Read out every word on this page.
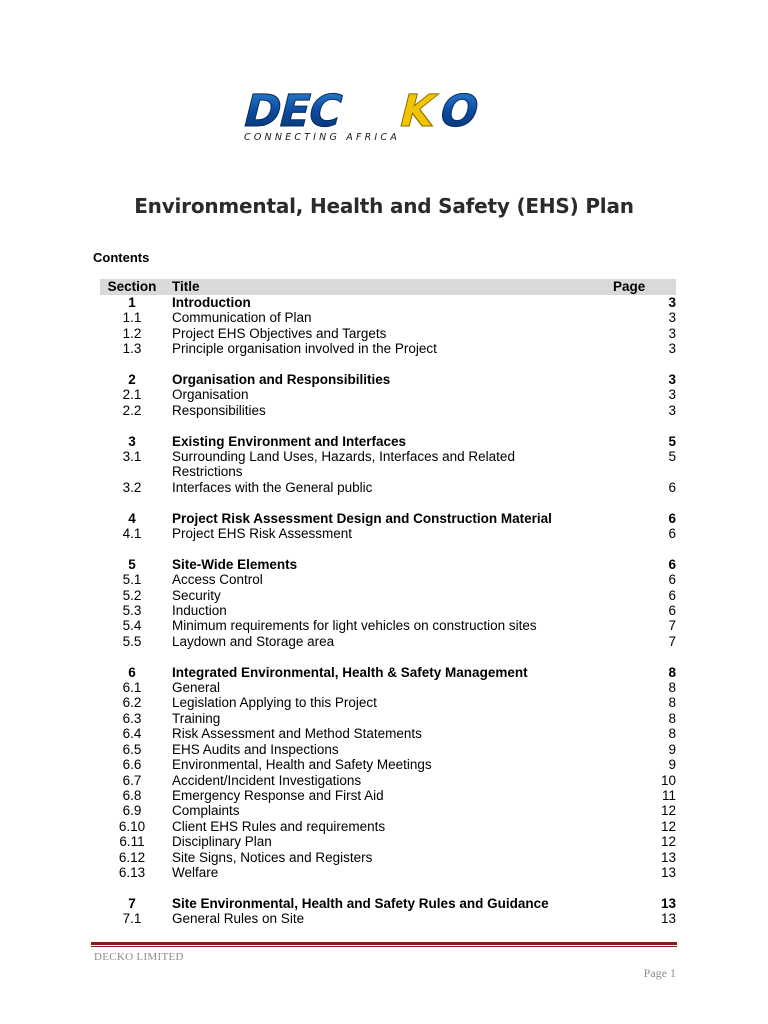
DEC K
O
CONNECTING AFRICA
Environmental, Health and Safety (EHS) Plan
Contents
Section	Title	Page
1	Introduction	3
1.1	Communication of Plan	3
1.2	Project EHS Objectives and Targets	3
1.3	Principle organisation involved in the Project	3
2	Organisation and Responsibilities	3
2.1	Organisation	3
2.2	Responsibilities	3
3	Existing Environment and Interfaces	5
3.1	Surrounding Land Uses, Hazards, Interfaces and Related	5
Restrictions
3.2	Interfaces with the General public	6
4	Project Risk Assessment Design and Construction Material	6
4.1	Project EHS Risk Assessment	6
5	Site-Wide Elements	6
5.1	Access Control	6
5.2	Security	6
5.3	Induction	6
5.4	Minimum requirements for light vehicles on construction sites	7
5.5	Laydown and Storage area	7
6	Integrated Environmental, Health & Safety Management	8
6.1	General	8
6.2	Legislation Applying to this Project	8
6.3	Training	8
6.4	Risk Assessment and Method Statements	8
6.5	EHS Audits and Inspections	9
6.6	Environmental, Health and Safety Meetings	9
6.7	Accident/Incident Investigations	10
6.8	Emergency Response and First Aid	11
6.9	Complaints	12
6.10	Client EHS Rules and requirements	12
6.11	Disciplinary Plan	12
6.12	Site Signs, Notices and Registers	13
6.13	Welfare	13
7	Site Environmental, Health and Safety Rules and Guidance	13
7.1	General Rules on Site	13
DECKO LIMITED
Page 1
